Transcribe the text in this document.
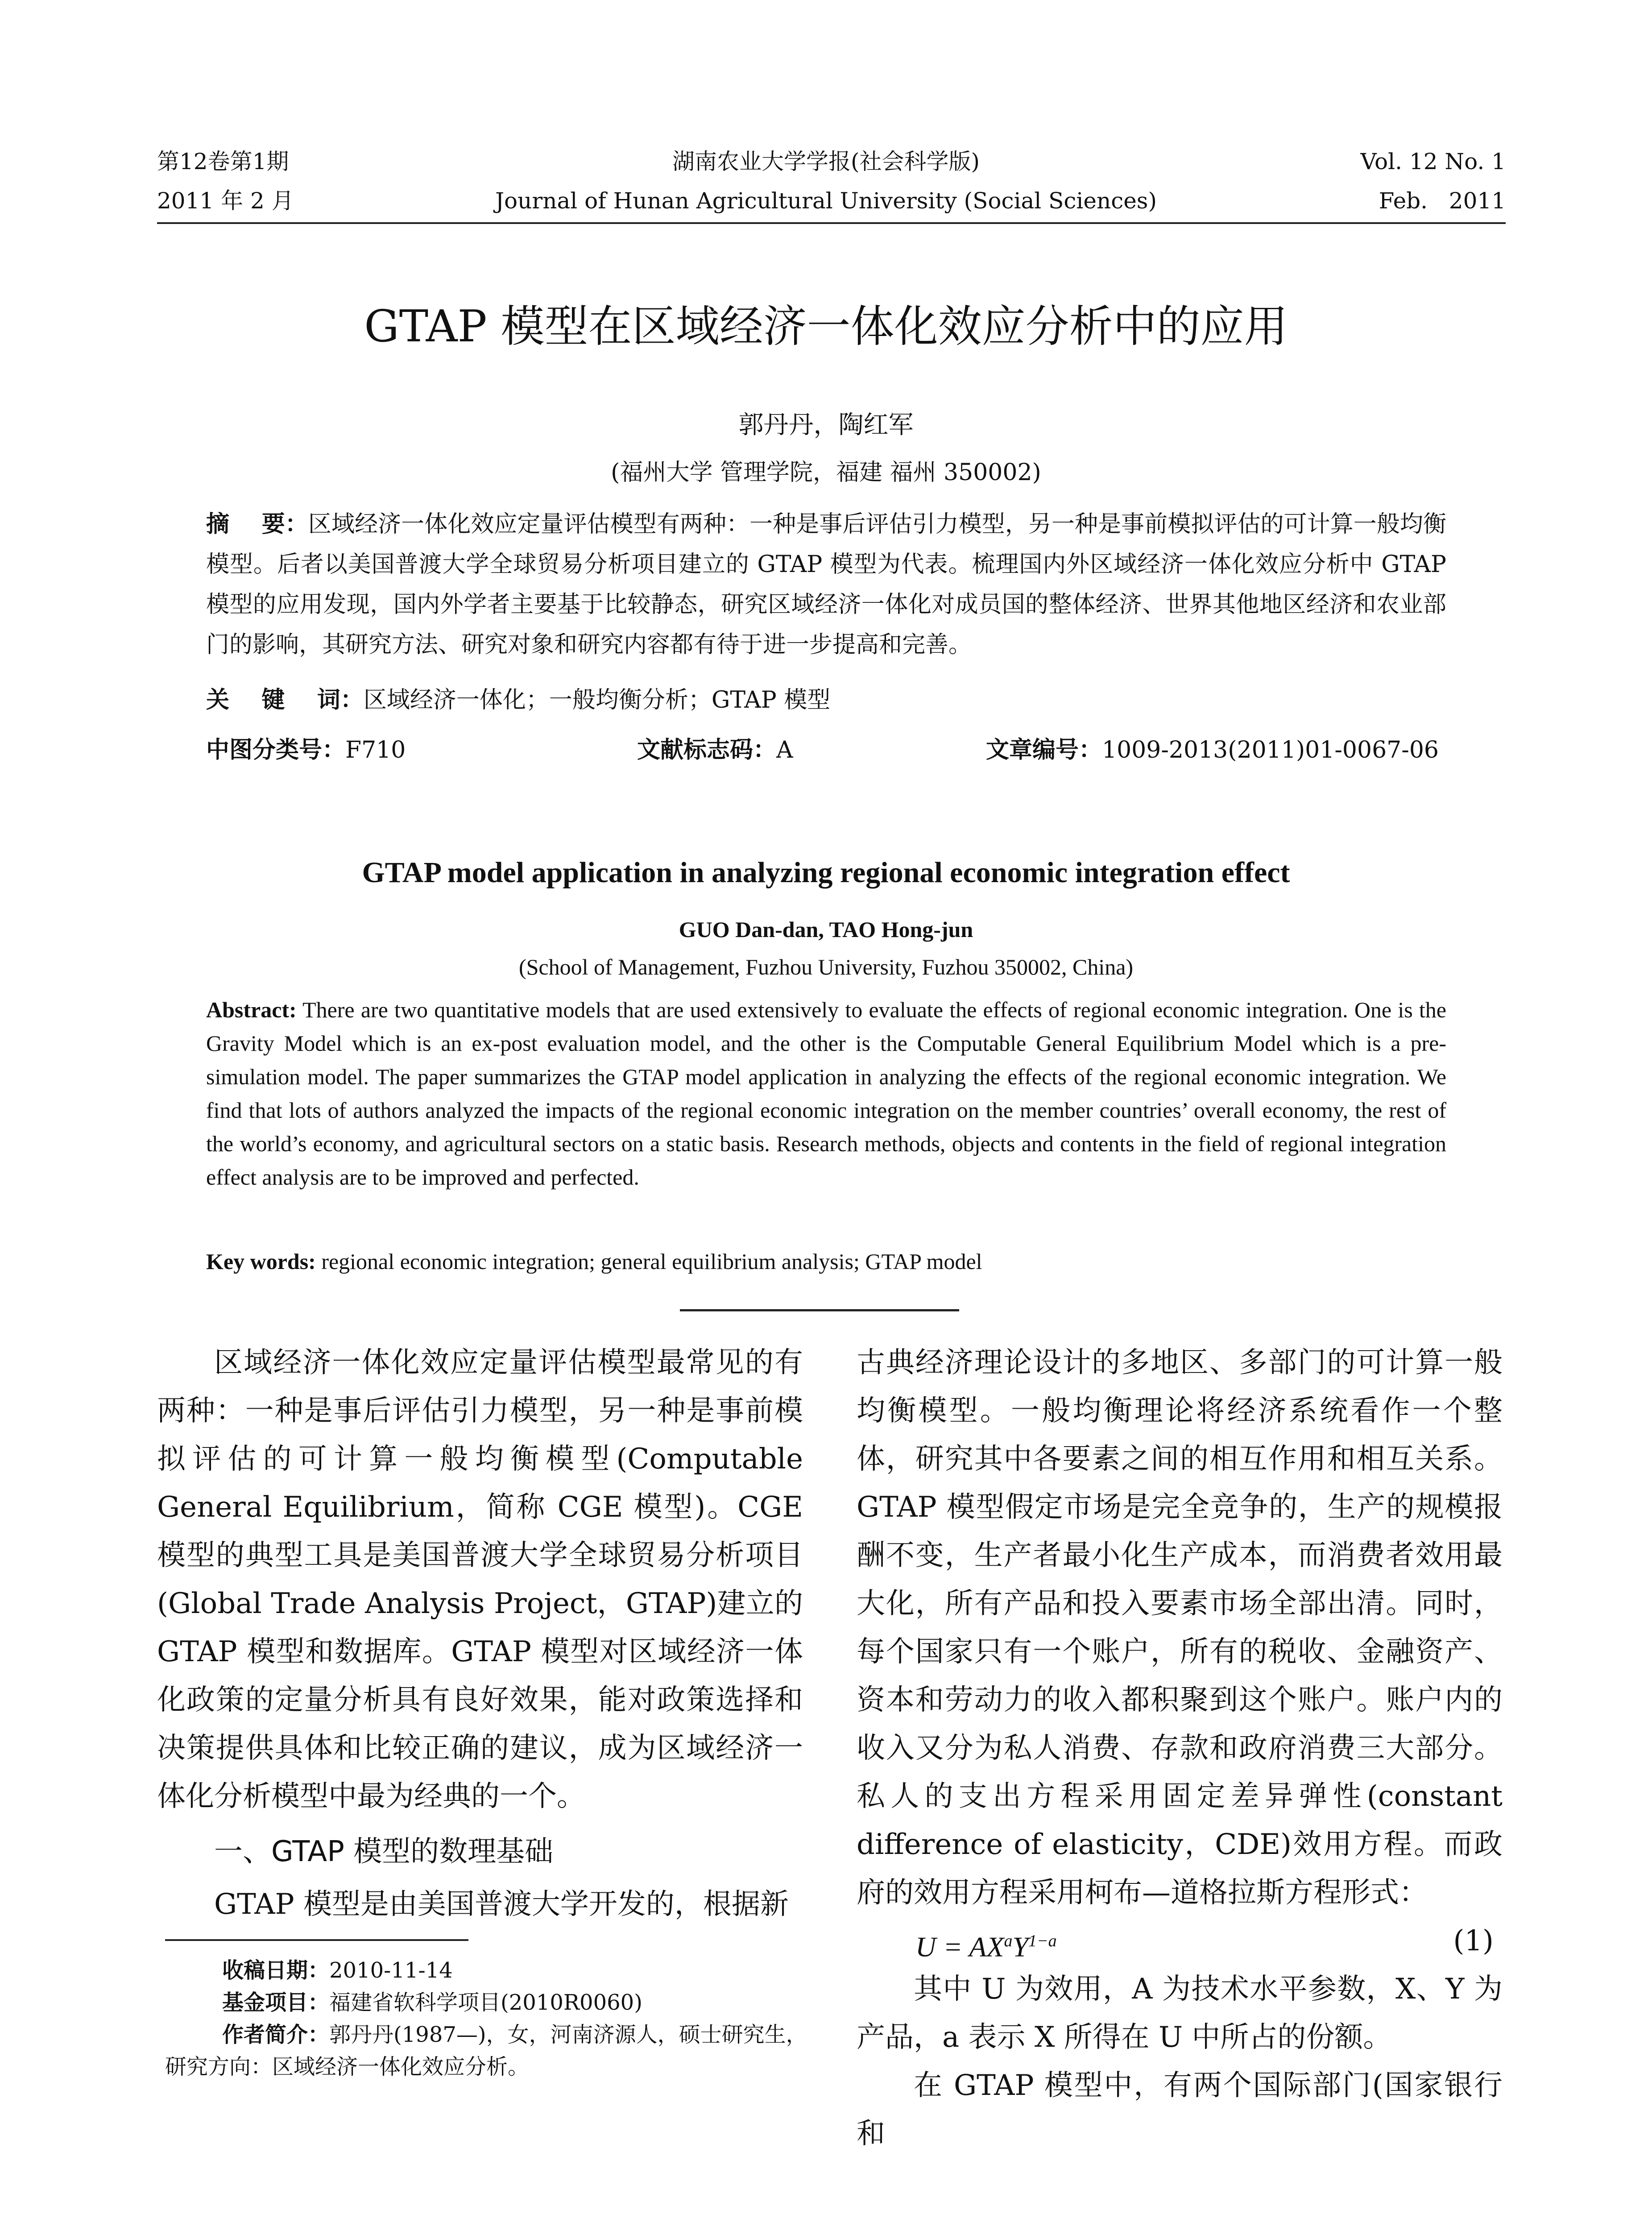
第12卷第1期
2011 年 2 月
湖南农业大学学报(社会科学版)
Journal of Hunan Agricultural University (Social Sciences)
Vol. 12 No. 1
Feb.   2011
GTAP 模型在区域经济一体化效应分析中的应用
郭丹丹，陶红军
(福州大学 管理学院，福建 福州 350002)
摘    要：区域经济一体化效应定量评估模型有两种：一种是事后评估引力模型，另一种是事前模拟评估的可计算一般均衡模型。后者以美国普渡大学全球贸易分析项目建立的 GTAP 模型为代表。梳理国内外区域经济一体化效应分析中 GTAP 模型的应用发现，国内外学者主要基于比较静态，研究区域经济一体化对成员国的整体经济、世界其他地区经济和农业部门的影响，其研究方法、研究对象和研究内容都有待于进一步提高和完善。
关    键    词：区域经济一体化；一般均衡分析；GTAP 模型
中图分类号：F710	文献标志码：A	文章编号：1009-2013(2011)01-0067-06
GTAP model application in analyzing regional economic integration effect
GUO Dan-dan, TAO Hong-jun
(School of Management, Fuzhou University, Fuzhou 350002, China)
Abstract: There are two quantitative models that are used extensively to evaluate the effects of regional economic integration. One is the Gravity Model which is an ex-post evaluation model, and the other is the Computable General Equilibrium Model which is a pre-simulation model. The paper summarizes the GTAP model application in analyzing the effects of the regional economic integration. We find that lots of authors analyzed the impacts of the regional economic integration on the member countries’ overall economy, the rest of the world’s economy, and agricultural sectors on a static basis. Research methods, objects and contents in the field of regional integration effect analysis are to be improved and perfected.
Key words: regional economic integration; general equilibrium analysis; GTAP model

区域经济一体化效应定量评估模型最常见的有两种：一种是事后评估引力模型，另一种是事前模拟评估的可计算一般均衡模型(Computable General Equilibrium，简称 CGE 模型)。CGE 模型的典型工具是美国普渡大学全球贸易分析项目(Global Trade Analysis Project，GTAP)建立的 GTAP 模型和数据库。GTAP 模型对区域经济一体化政策的定量分析具有良好效果，能对政策选择和决策提供具体和比较正确的建议，成为区域经济一体化分析模型中最为经典的一个。

一、GTAP 模型的数理基础

GTAP 模型是由美国普渡大学开发的，根据新

收稿日期：2010-11-14

基金项目：福建省软科学项目(2010R0060)

作者简介：郭丹丹(1987—)，女，河南济源人，硕士研究生，研究方向：区域经济一体化效应分析。

古典经济理论设计的多地区、多部门的可计算一般均衡模型。一般均衡理论将经济系统看作一个整体，研究其中各要素之间的相互作用和相互关系。GTAP 模型假定市场是完全竞争的，生产的规模报酬不变，生产者最小化生产成本，而消费者效用最大化，所有产品和投入要素市场全部出清。同时，每个国家只有一个账户，所有的税收、金融资产、资本和劳动力的收入都积聚到这个账户。账户内的收入又分为私人消费、存款和政府消费三大部分。私人的支出方程采用固定差异弹性(constant difference of elasticity，CDE)效用方程。而政府的效用方程采用柯布—道格拉斯方程形式：

$U = AX^aY^{1-a}$	(1)

其中 U 为效用，A 为技术水平参数，X、Y 为产品，a 表示 X 所得在 U 中所占的份额。

在 GTAP 模型中，有两个国际部门(国家银行和
